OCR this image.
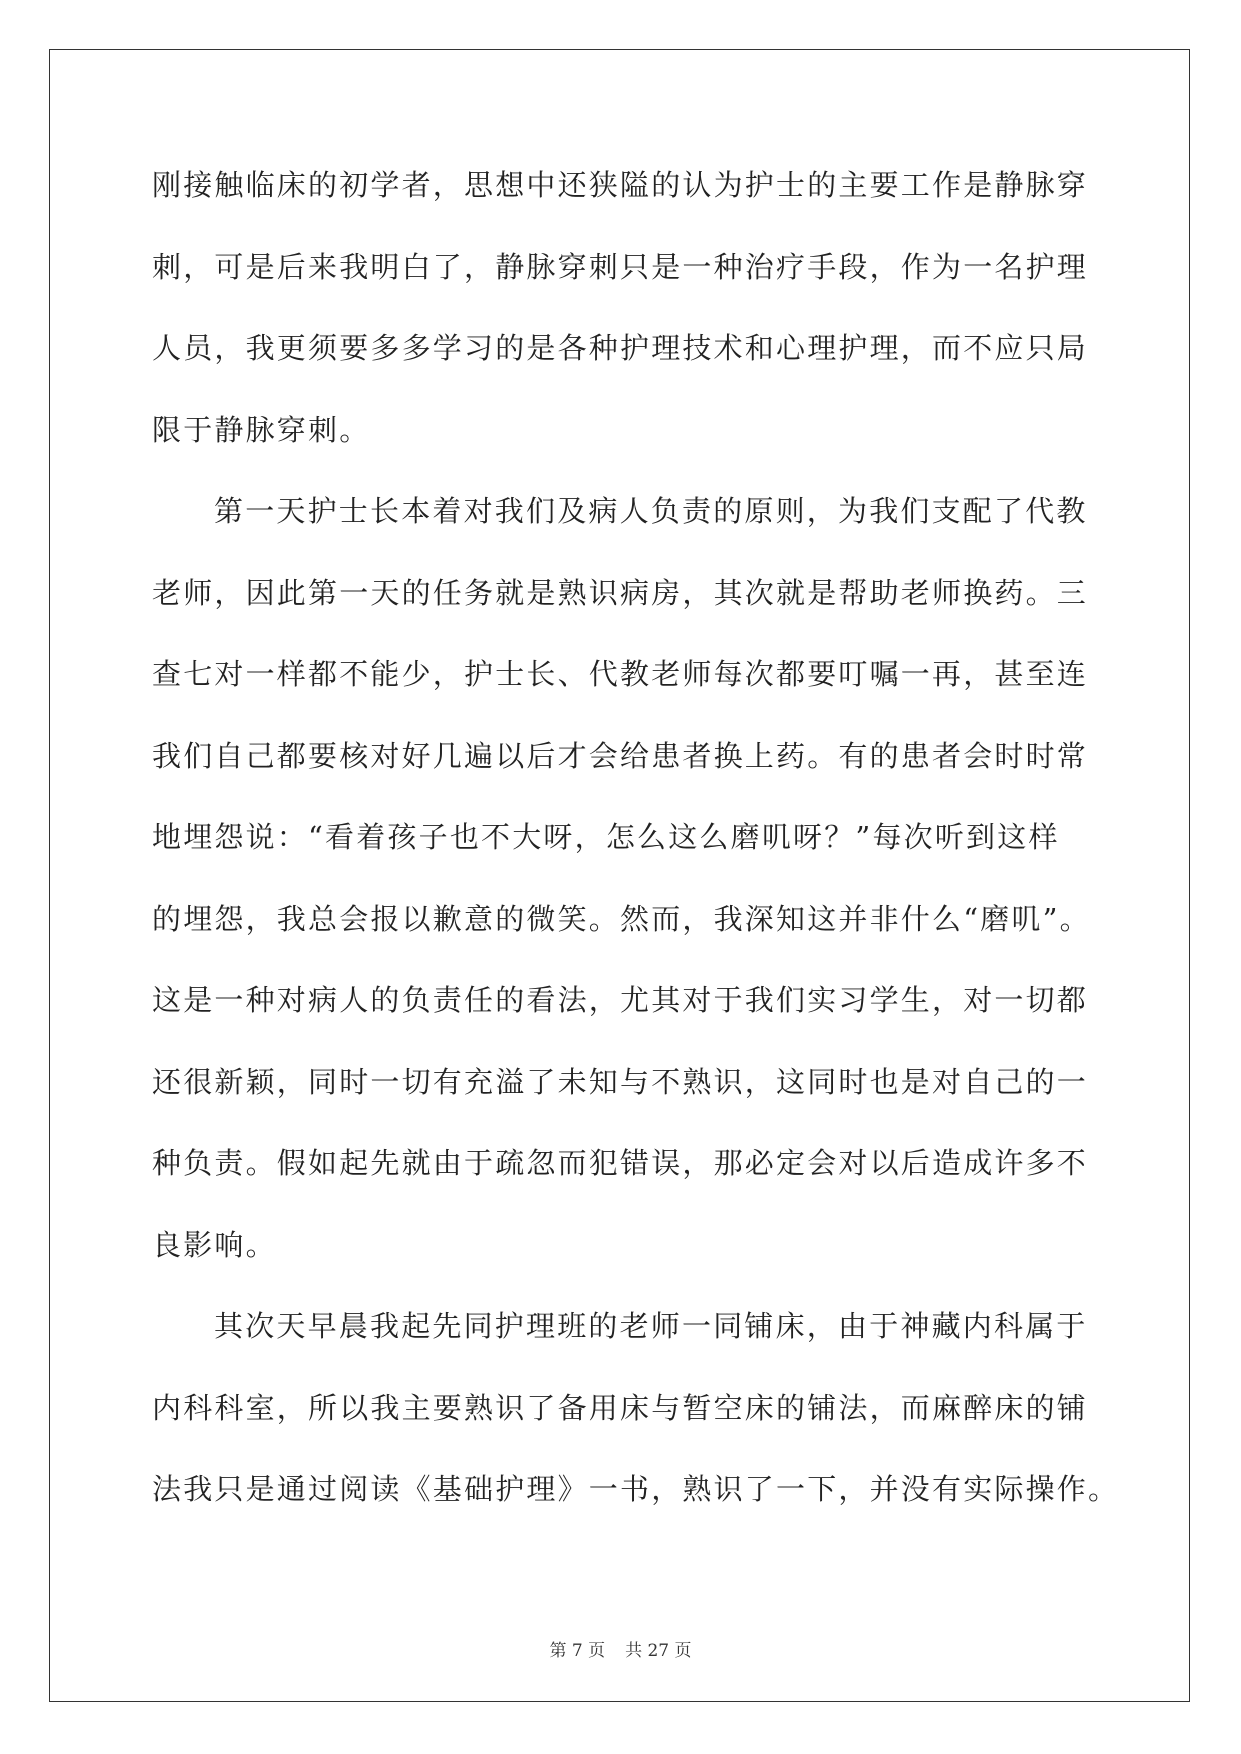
刚接触临床的初学者，思想中还狭隘的认为护士的主要工作是静脉穿
刺，可是后来我明白了，静脉穿刺只是一种治疗手段，作为一名护理
人员，我更须要多多学习的是各种护理技术和心理护理，而不应只局
限于静脉穿刺。
第一天护士长本着对我们及病人负责的原则，为我们支配了代教
老师，因此第一天的任务就是熟识病房，其次就是帮助老师换药。三
查七对一样都不能少，护士长、代教老师每次都要叮嘱一再，甚至连
我们自己都要核对好几遍以后才会给患者换上药。有的患者会时时常
地埋怨说：“看着孩子也不大呀，怎么这么磨叽呀？”每次听到这样
的埋怨，我总会报以歉意的微笑。然而，我深知这并非什么“磨叽”。
这是一种对病人的负责任的看法，尤其对于我们实习学生，对一切都
还很新颖，同时一切有充溢了未知与不熟识，这同时也是对自己的一
种负责。假如起先就由于疏忽而犯错误，那必定会对以后造成许多不
良影响。
其次天早晨我起先同护理班的老师一同铺床，由于神藏内科属于
内科科室，所以我主要熟识了备用床与暂空床的铺法，而麻醉床的铺
法我只是通过阅读《基础护理》一书，熟识了一下，并没有实际操作。
第 7 页 共 27 页
